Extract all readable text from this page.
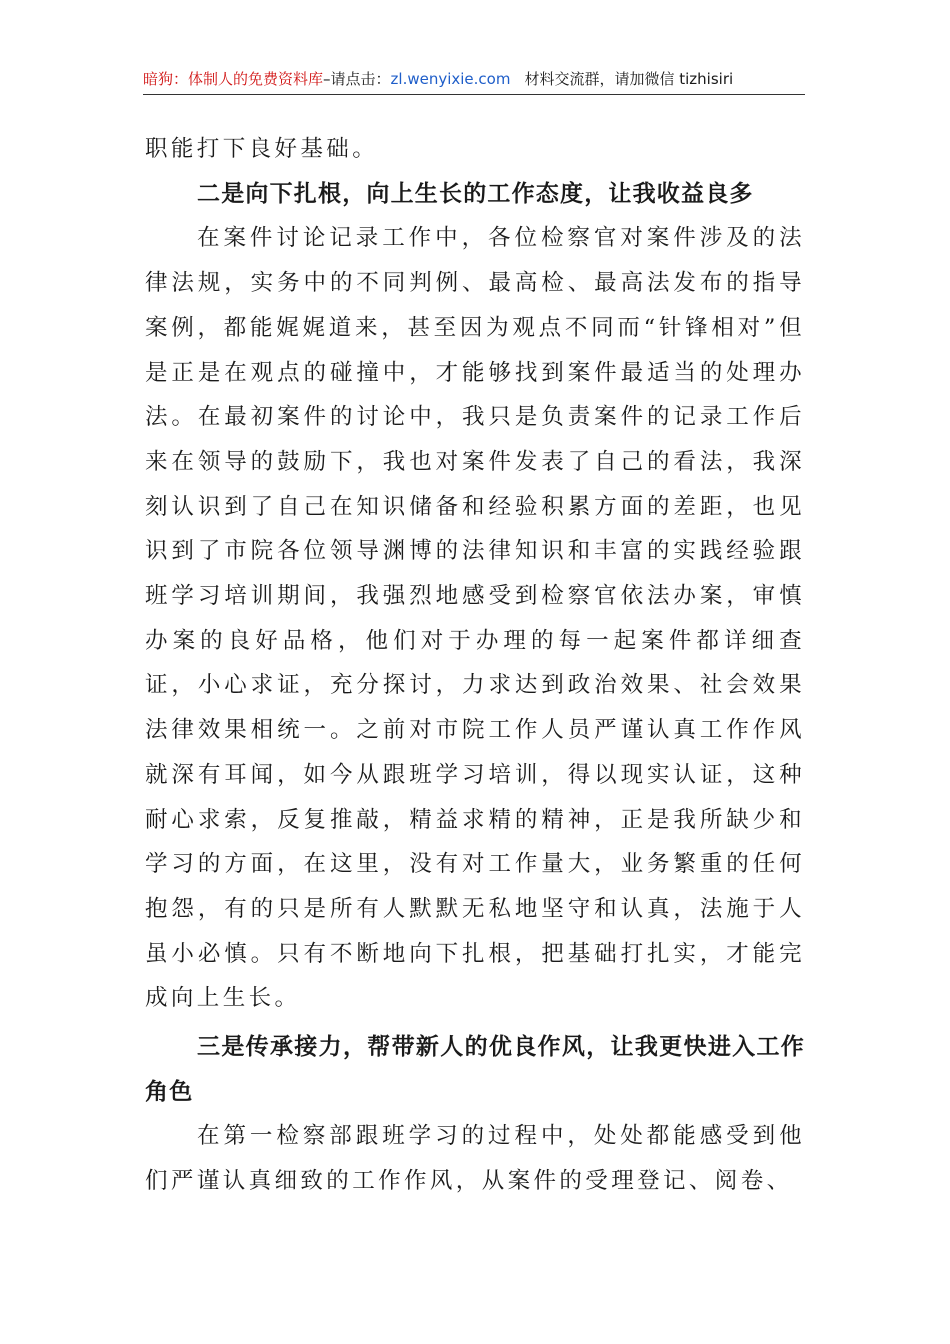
暗狗：体制人的免费资料库–请点击：zl.wenyixie.com 材料交流群，请加微信 tizhisiri

职能打下良好基础。

二是向下扎根，向上生长的工作态度，让我收益良多

在案件讨论记录工作中，各位检察官对案件涉及的法律法规，实务中的不同判例、最高检、最高法发布的指导案例，都能娓娓道来，甚至因为观点不同而“针锋相对”但是正是在观点的碰撞中，才能够找到案件最适当的处理办法。在最初案件的讨论中，我只是负责案件的记录工作后来在领导的鼓励下，我也对案件发表了自己的看法，我深刻认识到了自己在知识储备和经验积累方面的差距，也见识到了市院各位领导渊博的法律知识和丰富的实践经验跟班学习培训期间，我强烈地感受到检察官依法办案，审慎办案的良好品格，他们对于办理的每一起案件都详细查证，小心求证，充分探讨，力求达到政治效果、社会效果法律效果相统一。之前对市院工作人员严谨认真工作作风就深有耳闻，如今从跟班学习培训，得以现实认证，这种耐心求索，反复推敲，精益求精的精神，正是我所缺少和学习的方面，在这里，没有对工作量大，业务繁重的任何抱怨，有的只是所有人默默无私地坚守和认真，法施于人虽小必慎。只有不断地向下扎根，把基础打扎实，才能完成向上生长。

三是传承接力，帮带新人的优良作风，让我更快进入工作角色

在第一检察部跟班学习的过程中，处处都能感受到他们严谨认真细致的工作作风，从案件的受理登记、阅卷、
